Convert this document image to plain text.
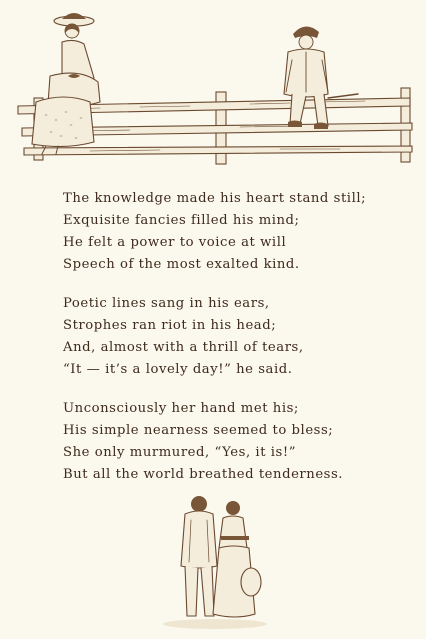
The knowledge made his heart stand still;
Exquisite fancies filled his mind;
He felt a power to voice at will
Speech of the most exalted kind.
Poetic lines sang in his ears,
Strophes ran riot in his head;
And, almost with a thrill of tears,
“It — it’s a lovely day!” he said.
Unconsciously her hand met his;
His simple nearness seemed to bless;
She only murmured, “Yes, it is!”
But all the world breathed tenderness.
